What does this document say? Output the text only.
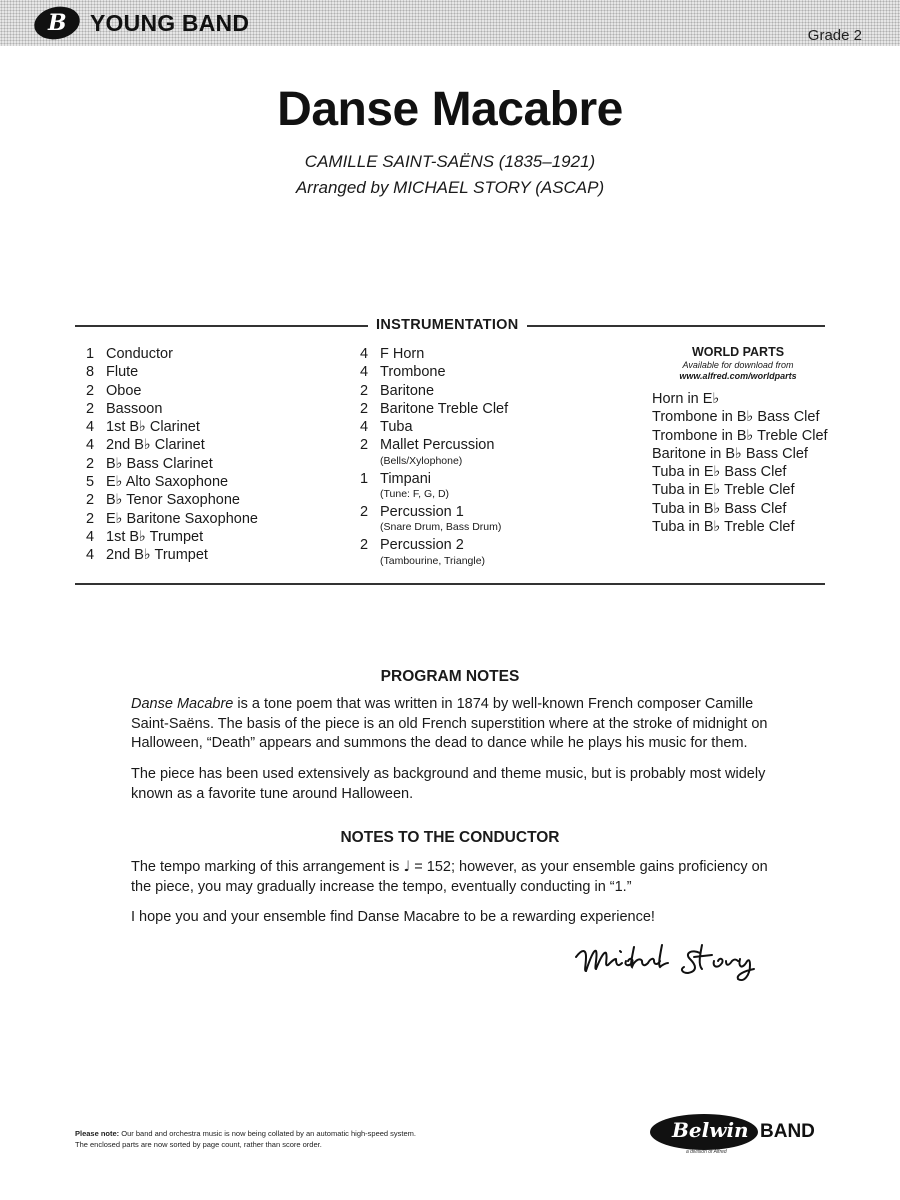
B YOUNG BAND	Grade 2
Danse Macabre
CAMILLE SAINT-SAËNS (1835–1921)
Arranged by MICHAEL STORY (ASCAP)
INSTRUMENTATION
1 Conductor
8 Flute
2 Oboe
2 Bassoon
4 1st B♭ Clarinet
4 2nd B♭ Clarinet
2 B♭ Bass Clarinet
5 E♭ Alto Saxophone
2 B♭ Tenor Saxophone
2 E♭ Baritone Saxophone
4 1st B♭ Trumpet
4 2nd B♭ Trumpet
4 F Horn
4 Trombone
2 Baritone
2 Baritone Treble Clef
4 Tuba
2 Mallet Percussion
(Bells/Xylophone)
1 Timpani
(Tune: F, G, D)
2 Percussion 1
(Snare Drum, Bass Drum)
2 Percussion 2
(Tambourine, Triangle)
WORLD PARTS
Available for download from
www.alfred.com/worldparts
Horn in E♭
Trombone in B♭ Bass Clef
Trombone in B♭ Treble Clef
Baritone in B♭ Bass Clef
Tuba in E♭ Bass Clef
Tuba in E♭ Treble Clef
Tuba in B♭ Bass Clef
Tuba in B♭ Treble Clef
PROGRAM NOTES
Danse Macabre is a tone poem that was written in 1874 by well-known French composer Camille Saint-Saëns. The basis of the piece is an old French superstition where at the stroke of midnight on Halloween, “Death” appears and summons the dead to dance while he plays his music for them.
The piece has been used extensively as background and theme music, but is probably most widely known as a favorite tune around Halloween.
NOTES TO THE CONDUCTOR
The tempo marking of this arrangement is ♩ = 152; however, as your ensemble gains proficiency on the piece, you may gradually increase the tempo, eventually conducting in “1.”
I hope you and your ensemble find Danse Macabre to be a rewarding experience!
Please note: Our band and orchestra music is now being collated by an automatic high-speed system.
The enclosed parts are now sorted by page count, rather than score order.
Belwin BAND
a division of Alfred
